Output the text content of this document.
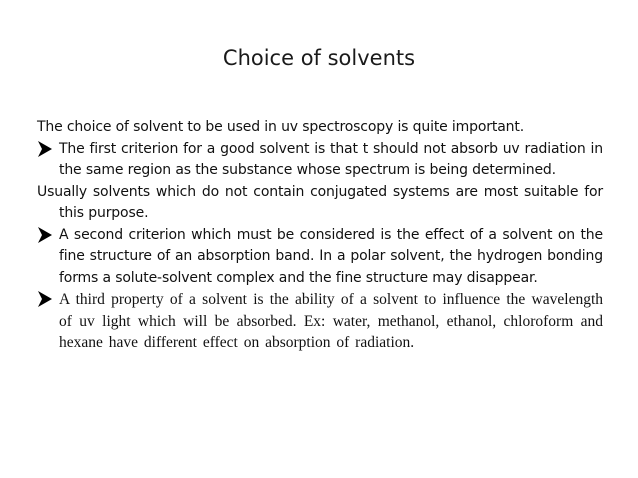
Choice of solvents

The choice of solvent to be used in uv spectroscopy is quite important.

The first criterion for a good solvent is that t should not absorb uv radiation in the same region as the substance whose spectrum is being determined.

Usually solvents which do not contain conjugated systems are most suitable for this purpose.

A second criterion which must be considered is the effect of a solvent on the fine structure of an absorption band. In a polar solvent, the hydrogen bonding forms a solute-solvent complex and the fine structure may disappear.
A third property of a solvent is the ability of a solvent to influence the wavelength of uv light which will be absorbed. Ex: water, methanol, ethanol, chloroform and hexane have different effect on absorption of radiation.
